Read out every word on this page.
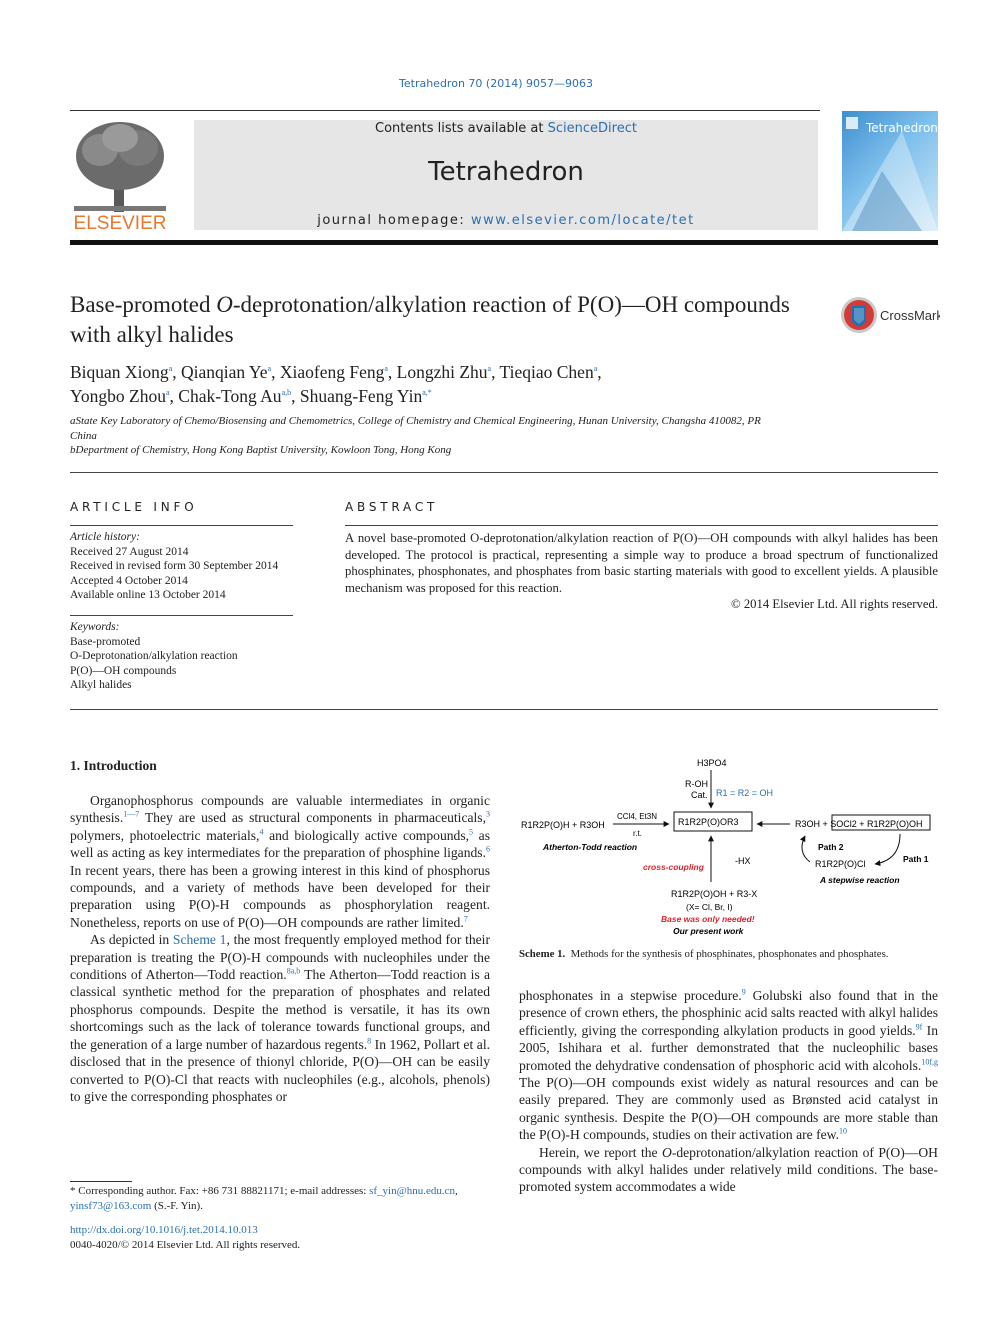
Tetrahedron 70 (2014) 9057—9063
ELSEVIER
Contents lists available at ScienceDirect
Tetrahedron
journal homepage: www.elsevier.com/locate/tet
Tetrahedron
Base-promoted O-deprotonation/alkylation reaction of P(O)—OH compounds with alkyl halides
CrossMark
Biquan Xiong$^a$, Qianqian Ye$^a$, Xiaofeng Feng$^a$, Longzhi Zhu$^a$, Tieqiao Chen$^a$,
Yongbo Zhou$^a$, Chak-Tong Au$^{a,b}$, Shuang-Feng Yin$^{a,*}$
aState Key Laboratory of Chemo/Biosensing and Chemometrics, College of Chemistry and Chemical Engineering, Hunan University, Changsha 410082, PR China
bDepartment of Chemistry, Hong Kong Baptist University, Kowloon Tong, Hong Kong
ARTICLE INFO
Article history:
Received 27 August 2014
Received in revised form 30 September 2014
Accepted 4 October 2014
Available online 13 October 2014
Keywords:
Base-promoted
O-Deprotonation/alkylation reaction
P(O)—OH compounds
Alkyl halides
ABSTRACT
A novel base-promoted O-deprotonation/alkylation reaction of P(O)—OH compounds with alkyl halides has been developed. The protocol is practical, representing a simple way to produce a broad spectrum of functionalized phosphinates, phosphonates, and phosphates from basic starting materials with good to excellent yields. A plausible mechanism was proposed for this reaction.
© 2014 Elsevier Ltd. All rights reserved.
1. Introduction

Organophosphorus compounds are valuable intermediates in organic synthesis.$^{1—7}$ They are used as structural components in pharmaceuticals,$^3$ polymers, photoelectric materials,$^4$ and biologically active compounds,$^5$ as well as acting as key intermediates for the preparation of phosphine ligands.$^6$ In recent years, there has been a growing interest in this kind of phosphorus compounds, and a variety of methods have been developed for their preparation using P(O)-H compounds as phosphorylation reagent. Nonetheless, reports on use of P(O)—OH compounds are rather limited.$^7$

As depicted in Scheme 1, the most frequently employed method for their preparation is treating the P(O)-H compounds with nucleophiles under the conditions of Atherton—Todd reaction.$^{8a,b}$ The Atherton—Todd reaction is a classical synthetic method for the preparation of phosphates and related phosphorus compounds. Despite the method is versatile, it has its own shortcomings such as the lack of tolerance towards functional groups, and the generation of a large number of hazardous regents.$^8$ In 1962, Pollart et al. disclosed that in the presence of thionyl chloride, P(O)—OH can be easily converted to P(O)-Cl that reacts with nucleophiles (e.g., alcohols, phenols) to give the corresponding phosphates or

H3PO4
R-OH
Cat. R1 = R2 = OH
R1R2P(O)OR3
R1R2P(O)H + R3OH
CCl4, Et3N
r.t.
Atherton-Todd reaction
R3OH + SOCl2 + R1R2P(O)OH
Path 2
Path 1
R1R2P(O)Cl
A stepwise reaction
cross-coupling
-HX
R1R2P(O)OH + R3-X
(X= Cl, Br, I)
Base was only needed!
Our present work
Scheme 1. Methods for the synthesis of phosphinates, phosphonates and phosphates.

phosphonates in a stepwise procedure.$^9$ Golubski also found that in the presence of crown ethers, the phosphinic acid salts reacted with alkyl halides efficiently, giving the corresponding alkylation products in good yields.$^{9f}$ In 2005, Ishihara et al. further demonstrated that the nucleophilic bases promoted the dehydrative condensation of phosphoric acid with alcohols.$^{10f,g}$ The P(O)—OH compounds exist widely as natural resources and can be easily prepared. They are commonly used as Brønsted acid catalyst in organic synthesis. Despite the P(O)—OH compounds are more stable than the P(O)-H compounds, studies on their activation are few.$^{10}$

Herein, we report the O-deprotonation/alkylation reaction of P(O)—OH compounds with alkyl halides under relatively mild conditions. The base-promoted system accommodates a wide

* Corresponding author. Fax: +86 731 88821171; e-mail addresses: sf_yin@hnu.edu.cn, yinsf73@163.com (S.-F. Yin).
http://dx.doi.org/10.1016/j.tet.2014.10.013
0040-4020/© 2014 Elsevier Ltd. All rights reserved.
